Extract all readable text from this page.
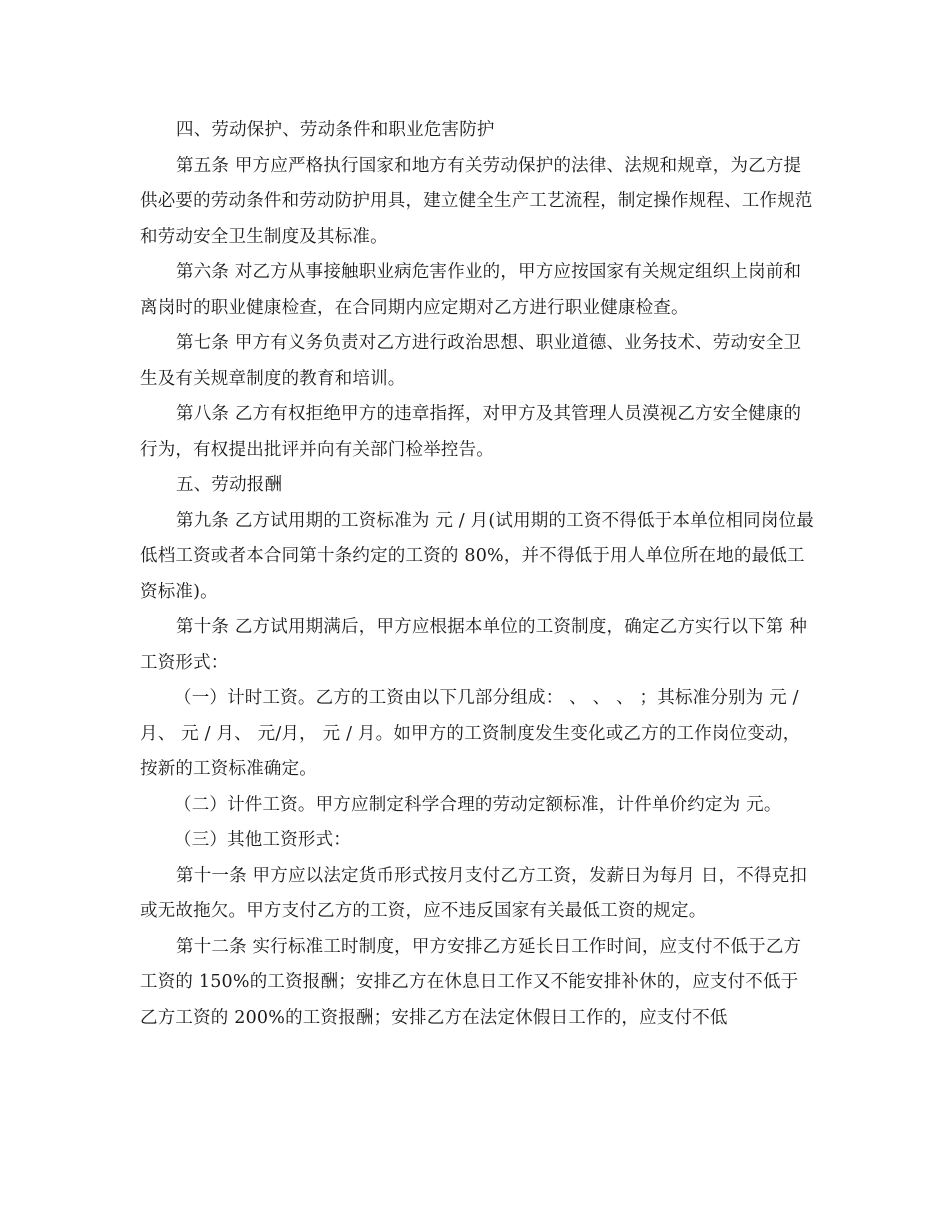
四、劳动保护、劳动条件和职业危害防护

第五条 甲方应严格执行国家和地方有关劳动保护的法律、法规和规章，为乙方提供必要的劳动条件和劳动防护用具，建立健全生产工艺流程，制定操作规程、工作规范和劳动安全卫生制度及其标准。

第六条 对乙方从事接触职业病危害作业的，甲方应按国家有关规定组织上岗前和离岗时的职业健康检查，在合同期内应定期对乙方进行职业健康检查。

第七条 甲方有义务负责对乙方进行政治思想、职业道德、业务技术、劳动安全卫生及有关规章制度的教育和培训。

第八条 乙方有权拒绝甲方的违章指挥，对甲方及其管理人员漠视乙方安全健康的行为，有权提出批评并向有关部门检举控告。

五、劳动报酬

第九条 乙方试用期的工资标准为 元 / 月(试用期的工资不得低于本单位相同岗位最低档工资或者本合同第十条约定的工资的 80%，并不得低于用人单位所在地的最低工资标准)。

第十条 乙方试用期满后，甲方应根据本单位的工资制度，确定乙方实行以下第 种工资形式：

（一）计时工资。乙方的工资由以下几部分组成： 、 、 、 ；其标准分别为 元 / 月、 元 / 月、 元/月， 元 / 月。如甲方的工资制度发生变化或乙方的工作岗位变动，按新的工资标准确定。

（二）计件工资。甲方应制定科学合理的劳动定额标准，计件单价约定为 元。

（三）其他工资形式：

第十一条 甲方应以法定货币形式按月支付乙方工资，发薪日为每月 日，不得克扣或无故拖欠。甲方支付乙方的工资，应不违反国家有关最低工资的规定。

第十二条 实行标准工时制度，甲方安排乙方延长日工作时间，应支付不低于乙方工资的 150%的工资报酬；安排乙方在休息日工作又不能安排补休的，应支付不低于乙方工资的 200%的工资报酬；安排乙方在法定休假日工作的，应支付不低
